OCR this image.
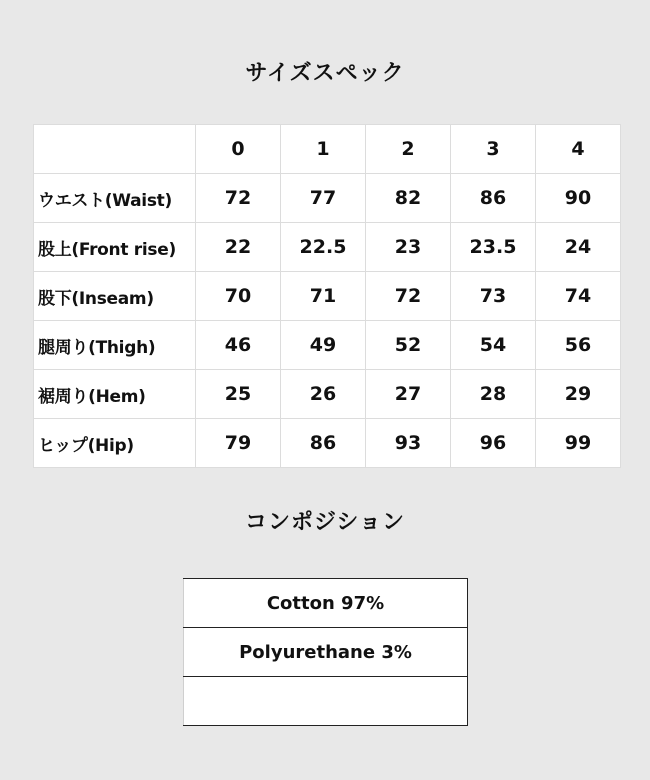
サイズスペック
	0	1	2	3	4
ウエスト(Waist)	72	77	82	86	90
股上(Front rise)	22	22.5	23	23.5	24
股下(Inseam)	70	71	72	73	74
腿周り(Thigh)	46	49	52	54	56
裾周り(Hem)	25	26	27	28	29
ヒップ(Hip)	79	86	93	96	99
コンポジション
Cotton 97%
Polyurethane 3%
